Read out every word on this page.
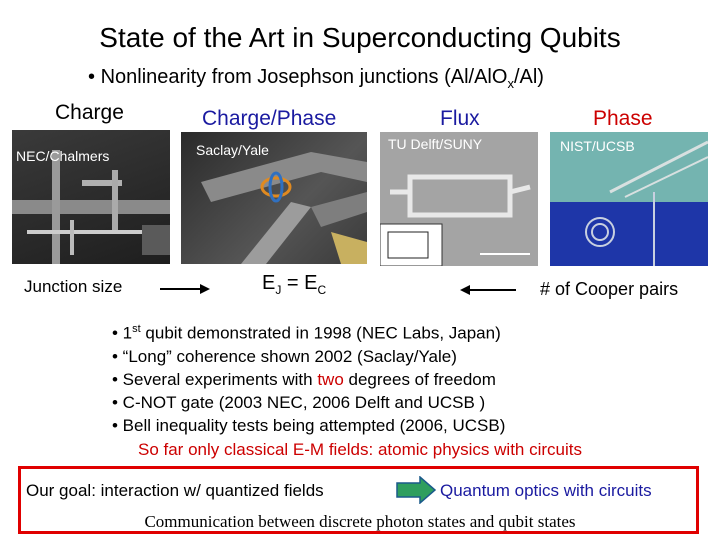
State of the Art in Superconducting Qubits
• Nonlinearity from Josephson junctions (Al/AlO$_x$/Al)
Charge	Charge/Phase	Flux	Phase
NEC/Chalmers	Saclay/Yale	TU Delft/SUNY	NIST/UCSB
Junction size	$E_J = E_C$	# of Cooper pairs
• 1st qubit demonstrated in 1998 (NEC Labs, Japan)
• “Long” coherence shown 2002 (Saclay/Yale)
• Several experiments with two degrees of freedom
• C-NOT gate (2003 NEC, 2006 Delft and UCSB )
• Bell inequality tests being attempted (2006, UCSB)
So far only classical E-M fields: atomic physics with circuits
Our goal: interaction w/ quantized fields	Quantum optics with circuits
Communication between discrete photon states and qubit states
